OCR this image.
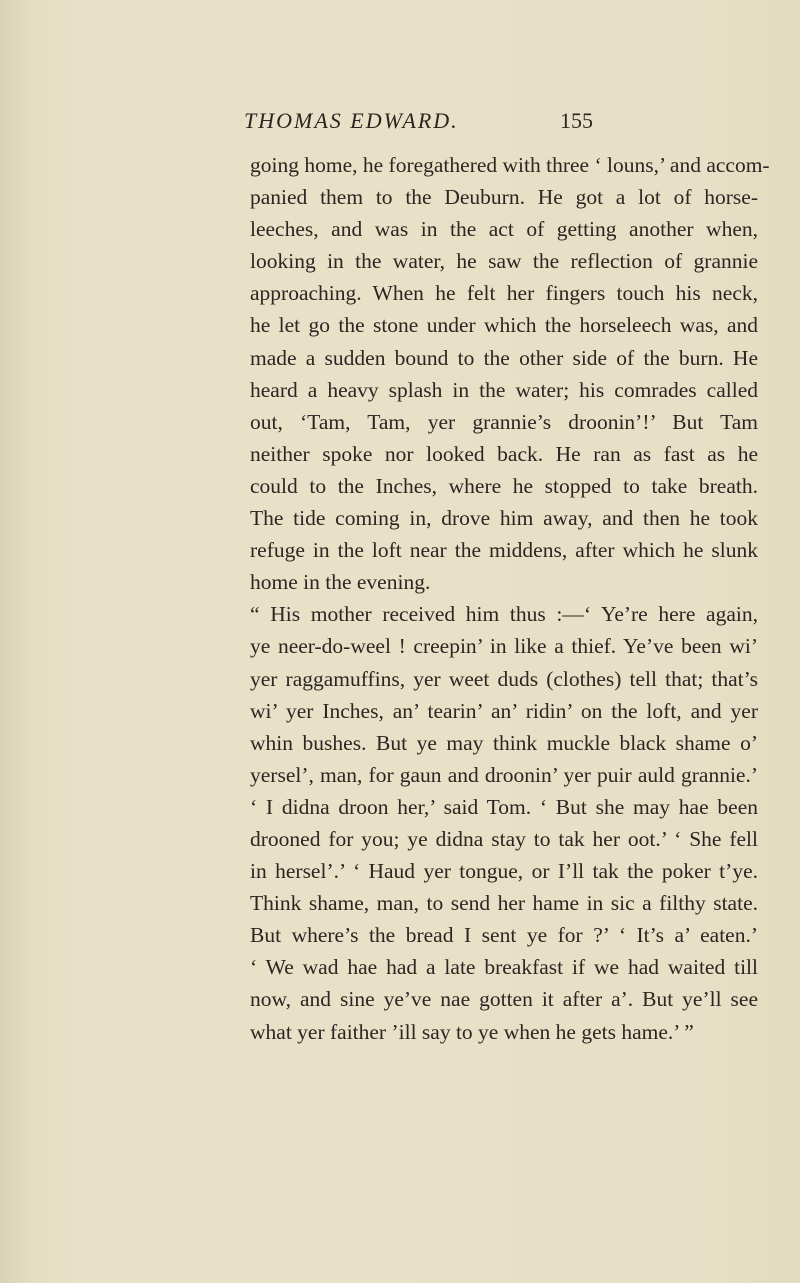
THOMAS EDWARD.	155
going home, he foregathered with three ‘ louns,’ and accom-
panied them to the Deuburn. He got a lot of horse-
leeches, and was in the act of getting another when,
looking in the water, he saw the reflection of grannie
approaching. When he felt her fingers touch his neck,
he let go the stone under which the horseleech was, and
made a sudden bound to the other side of the burn. He
heard a heavy splash in the water; his comrades called
out, ‘Tam, Tam, yer grannie’s droonin’!’ But Tam
neither spoke nor looked back. He ran as fast as he
could to the Inches, where he stopped to take breath.
The tide coming in, drove him away, and then he took
refuge in the loft near the middens, after which he slunk
home in the evening.
“ His mother received him thus :—‘ Ye’re here again,
ye neer-do-weel ! creepin’ in like a thief. Ye’ve been wi’
yer raggamuffins, yer weet duds (clothes) tell that; that’s
wi’ yer Inches, an’ tearin’ an’ ridin’ on the loft, and yer
whin bushes. But ye may think muckle black shame o’
yersel’, man, for gaun and droonin’ yer puir auld grannie.’
‘ I didna droon her,’ said Tom. ‘ But she may hae been
drooned for you; ye didna stay to tak her oot.’ ‘ She fell
in hersel’.’ ‘ Haud yer tongue, or I’ll tak the poker t’ye.
Think shame, man, to send her hame in sic a filthy state.
But where’s the bread I sent ye for ?’ ‘ It’s a’ eaten.’
‘ We wad hae had a late breakfast if we had waited till
now, and sine ye’ve nae gotten it after a’. But ye’ll see
what yer faither ’ill say to ye when he gets hame.’ ”
